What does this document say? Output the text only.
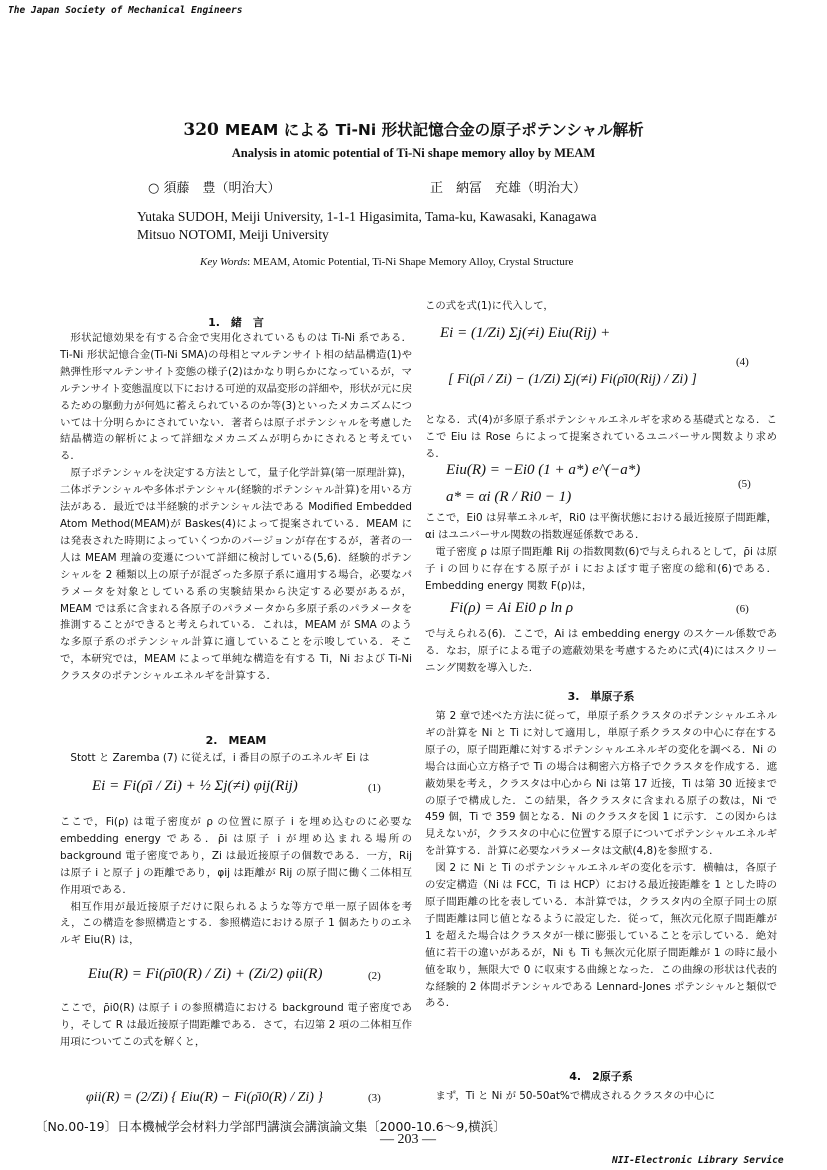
The Japan Society of Mechanical Engineers
320 MEAM による Ti-Ni 形状記憶合金の原子ポテンシャル解析
Analysis in atomic potential of Ti-Ni shape memory alloy by MEAM
○ 須藤　豊（明治大）	正　納冨　充雄（明治大）
Yutaka SUDOH, Meiji University, 1-1-1 Higasimita, Tama-ku, Kawasaki, Kanagawa
Mitsuo NOTOMI, Meiji University
Key Words: MEAM, Atomic Potential, Ti-Ni Shape Memory Alloy, Crystal Structure
1.　緒　言

形状記憶効果を有する合金で実用化されているものは Ti-Ni 系である．Ti-Ni 形状記憶合金(Ti-Ni SMA)の母相とマルテンサイト相の結晶構造(1)や熱弾性形マルテンサイト変態の様子(2)はかなり明らかになっているが，マルテンサイト変態温度以下における可逆的双晶変形の詳細や，形状が元に戻るための駆動力が何処に蓄えられているのか等(3)といったメカニズムについては十分明らかにされていない．著者らは原子ポテンシャルを考慮した結晶構造の解析によって詳細なメカニズムが明らかにされると考えている．

原子ポテンシャルを決定する方法として，量子化学計算(第一原理計算)，二体ポテンシャルや多体ポテンシャル(経験的ポテンシャル計算)を用いる方法がある．最近では半経験的ポテンシャル法である Modified Embedded Atom Method(MEAM)が Baskes(4)によって提案されている．MEAM には発表された時期によっていくつかのバージョンが存在するが，著者の一人は MEAM 理論の変遷について詳細に検討している(5,6)．経験的ポテンシャルを 2 種類以上の原子が混ざった多原子系に適用する場合，必要なパラメータを対象としている系の実験結果から決定する必要があるが，MEAM では系に含まれる各原子のパラメータから多原子系のパラメータを推測することができると考えられている．これは，MEAM が SMA のような多原子系のポテンシャル計算に適していることを示唆している．そこで，本研究では，MEAM によって単純な構造を有する Ti，Ni および Ti-Ni クラスタのポテンシャルエネルギを計算する．

2.　MEAM

Stott と Zaremba (7) に従えば，i 番目の原子のエネルギ Ei は

Ei = Fi(ρ̄i / Zi) + ½ Σj(≠i) φij(Rij)	(1)

ここで，Fi(ρ) は電子密度が ρ の位置に原子 i を埋め込むのに必要な embedding energy である．ρ̄i は原子 i が埋め込まれる場所の background 電子密度であり，Zi は最近接原子の個数である．一方，Rij は原子 i と原子 j の距離であり，φij は距離が Rij の原子間に働く二体相互作用項である．

相互作用が最近接原子だけに限られるような等方で単一原子固体を考え，この構造を参照構造とする．参照構造における原子 1 個あたりのエネルギ Eiu(R) は，

Eiu(R) = Fi(ρ̄i0(R) / Zi) + (Zi/2) φii(R)	(2)

ここで，ρ̄i0(R) は原子 i の参照構造における background 電子密度であり，そして R は最近接原子間距離である．さて，右辺第 2 項の二体相互作用項についてこの式を解くと，

φii(R) = (2/Zi) { Eiu(R) − Fi(ρ̄i0(R) / Zi) }	(3)

この式を式(1)に代入して，

Ei = (1/Zi) Σj(≠i) Eiu(Rij) +
[ Fi(ρ̄i / Zi) − (1/Zi) Σj(≠i) Fi(ρ̄i0(Rij) / Zi) ]
(4)

となる．式(4)が多原子系ポテンシャルエネルギを求める基礎式となる．ここで Eiu は Rose らによって提案されているユニバーサル関数より求める．

Eiu(R) = −Ei0 (1 + a*) e^(−a*)
a* = αi (R / Ri0 − 1)
(5)

ここで，Ei0 は昇華エネルギ，Ri0 は平衡状態における最近接原子間距離，αi はユニバーサル関数の指数遅延係数である．

電子密度 ρ は原子間距離 Rij の指数関数(6)で与えられるとして，ρ̄i は原子 i の回りに存在する原子が i におよぼす電子密度の総和(6)である．Embedding energy 関数 F(ρ)は，

Fi(ρ) = Ai Ei0 ρ ln ρ	(6)

で与えられる(6)．ここで，Ai は embedding energy のスケール係数である．なお，原子による電子の遮蔽効果を考慮するために式(4)にはスクリーニング関数を導入した．

3.　単原子系

第 2 章で述べた方法に従って，単原子系クラスタのポテンシャルエネルギの計算を Ni と Ti に対して適用し，単原子系クラスタの中心に存在する原子の，原子間距離に対するポテンシャルエネルギの変化を調べる．Ni の場合は面心立方格子で Ti の場合は稠密六方格子でクラスタを作成する．遮蔽効果を考え，クラスタは中心から Ni は第 17 近接，Ti は第 30 近接までの原子で構成した．この結果，各クラスタに含まれる原子の数は，Ni で 459 個，Ti で 359 個となる．Ni のクラスタを図 1 に示す．この図からは見えないが，クラスタの中心に位置する原子についてポテンシャルエネルギを計算する．計算に必要なパラメータは文献(4,8)を参照する．

図 2 に Ni と Ti のポテンシャルエネルギの変化を示す．横軸は，各原子の安定構造（Ni は FCC，Ti は HCP）における最近接距離を 1 とした時の原子間距離の比を表している．本計算では，クラスタ内の全原子同士の原子間距離は同じ値となるように設定した．従って，無次元化原子間距離が 1 を超えた場合はクラスタが一様に膨張していることを示している．絶対値に若干の違いがあるが，Ni も Ti も無次元化原子間距離が 1 の時に最小値を取り，無限大で 0 に収束する曲線となった．この曲線の形状は代表的な経験的 2 体間ポテンシャルである Lennard-Jones ポテンシャルと類似である．

4.　2原子系

まず，Ti と Ni が 50-50at%で構成されるクラスタの中心に

〔No.00-19〕日本機械学会材料力学部門講演会講演論文集〔2000-10.6～9,横浜〕
— 203 —
NII-Electronic Library Service
